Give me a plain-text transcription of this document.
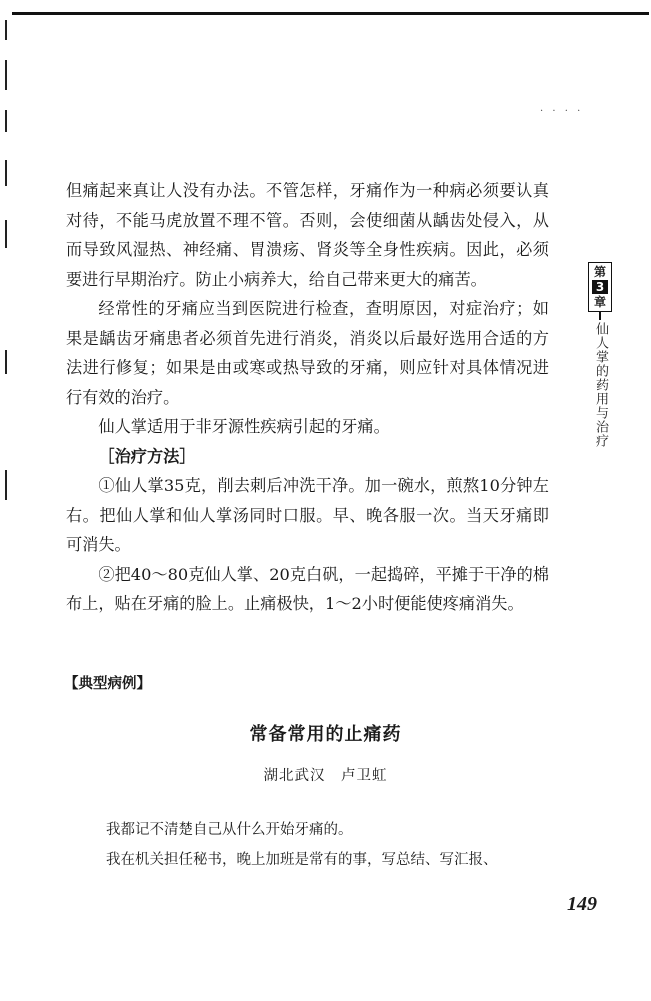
· · · ·

但痛起来真让人没有办法。不管怎样，牙痛作为一种病必须要认真对待，不能马虎放置不理不管。否则，会使细菌从龋齿处侵入，从而导致风湿热、神经痛、胃溃疡、肾炎等全身性疾病。因此，必须要进行早期治疗。防止小病养大，给自己带来更大的痛苦。

经常性的牙痛应当到医院进行检查，查明原因，对症治疗；如果是龋齿牙痛患者必须首先进行消炎，消炎以后最好选用合适的方法进行修复；如果是由或寒或热导致的牙痛，则应针对具体情况进行有效的治疗。

仙人掌适用于非牙源性疾病引起的牙痛。

［治疗方法］

①仙人掌35克，削去刺后冲洗干净。加一碗水，煎熬10分钟左右。把仙人掌和仙人掌汤同时口服。早、晚各服一次。当天牙痛即可消失。

②把40～80克仙人掌、20克白矾，一起捣碎，平摊于干净的棉布上，贴在牙痛的脸上。止痛极快，1～2小时便能使疼痛消失。

第
3
章
仙人掌的药用与治疗
【典型病例】
常备常用的止痛药
湖北武汉　卢卫虹

我都记不清楚自己从什么开始牙痛的。

我在机关担任秘书，晚上加班是常有的事，写总结、写汇报、

149
